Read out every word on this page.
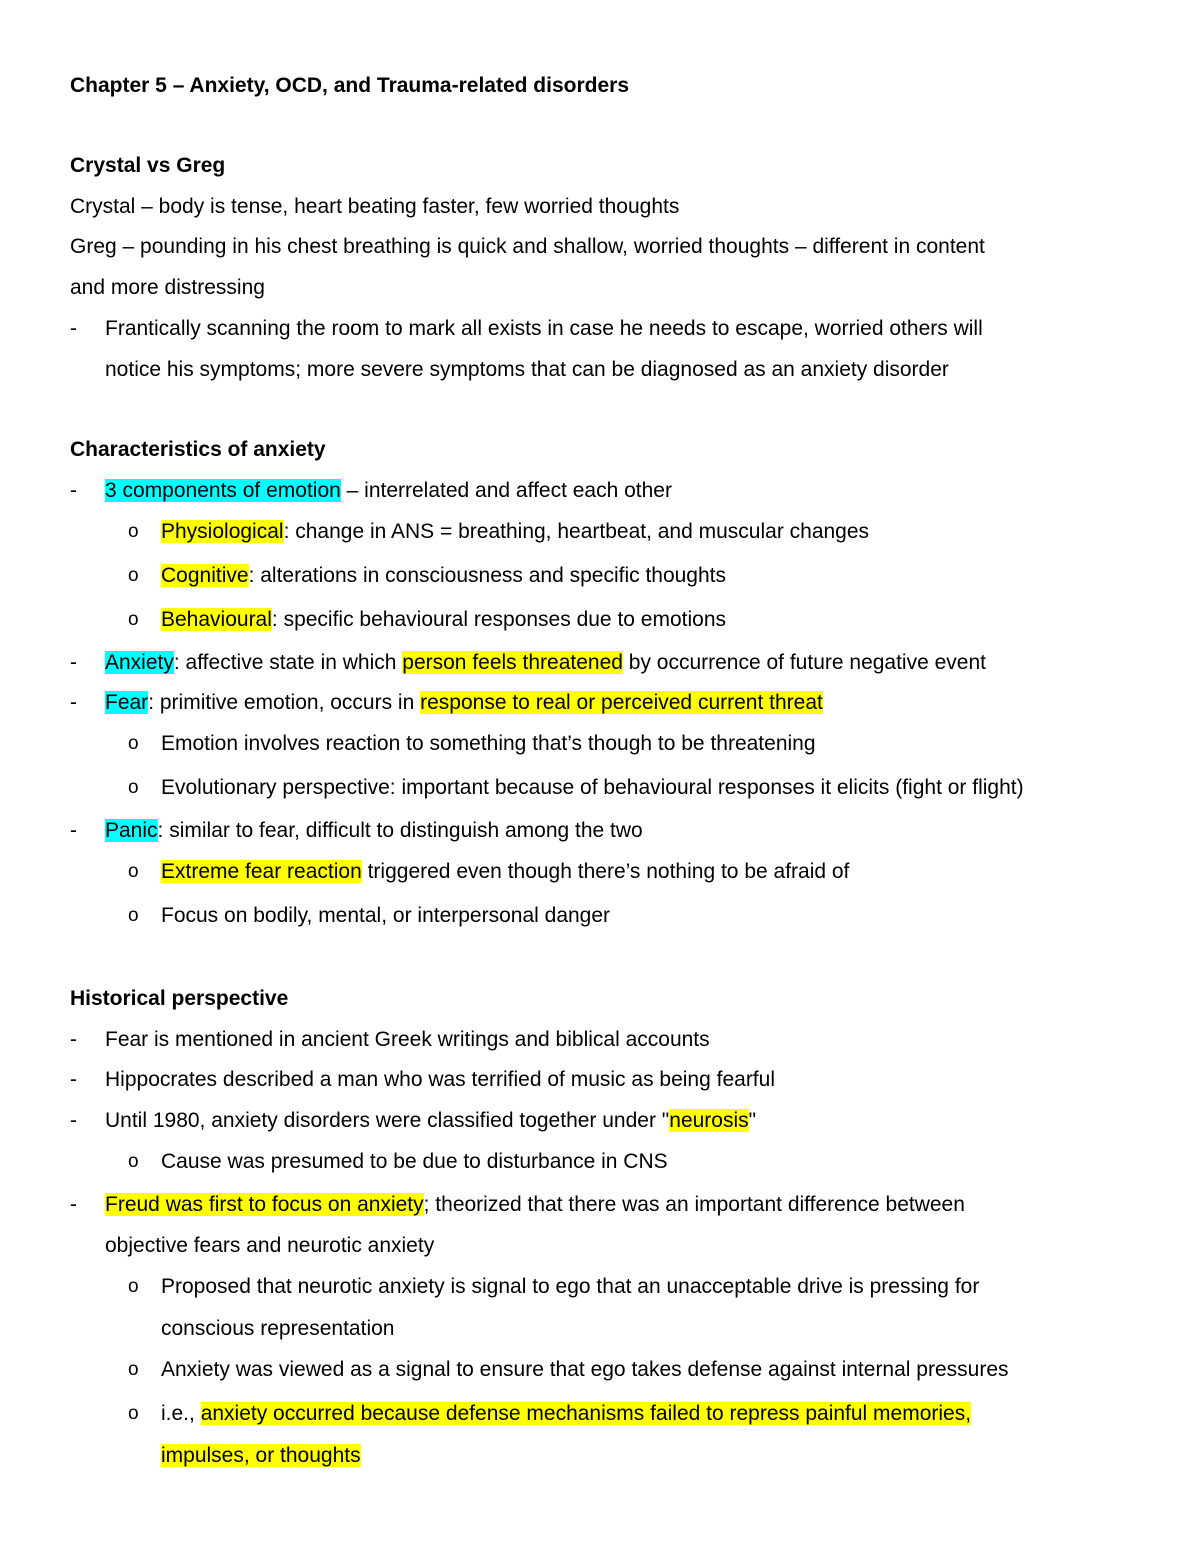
Chapter 5 – Anxiety, OCD, and Trauma-related disorders
Crystal vs Greg
Crystal – body is tense, heart beating faster, few worried thoughts
Greg – pounding in his chest breathing is quick and shallow, worried thoughts – different in content
and more distressing
- Frantically scanning the room to mark all exists in case he needs to escape, worried others will
notice his symptoms; more severe symptoms that can be diagnosed as an anxiety disorder
Characteristics of anxiety
- 3 components of emotion – interrelated and affect each other
o Physiological: change in ANS = breathing, heartbeat, and muscular changes
o Cognitive: alterations in consciousness and specific thoughts
o Behavioural: specific behavioural responses due to emotions
- Anxiety: affective state in which person feels threatened by occurrence of future negative event
- Fear: primitive emotion, occurs in response to real or perceived current threat
o Emotion involves reaction to something that’s though to be threatening
o Evolutionary perspective: important because of behavioural responses it elicits (fight or flight)
- Panic: similar to fear, difficult to distinguish among the two
o Extreme fear reaction triggered even though there’s nothing to be afraid of
o Focus on bodily, mental, or interpersonal danger
Historical perspective
- Fear is mentioned in ancient Greek writings and biblical accounts
- Hippocrates described a man who was terrified of music as being fearful
- Until 1980, anxiety disorders were classified together under "neurosis"
o Cause was presumed to be due to disturbance in CNS
- Freud was first to focus on anxiety; theorized that there was an important difference between
objective fears and neurotic anxiety
o Proposed that neurotic anxiety is signal to ego that an unacceptable drive is pressing for
conscious representation
o Anxiety was viewed as a signal to ensure that ego takes defense against internal pressures
o i.e., anxiety occurred because defense mechanisms failed to repress painful memories,
impulses, or thoughts
